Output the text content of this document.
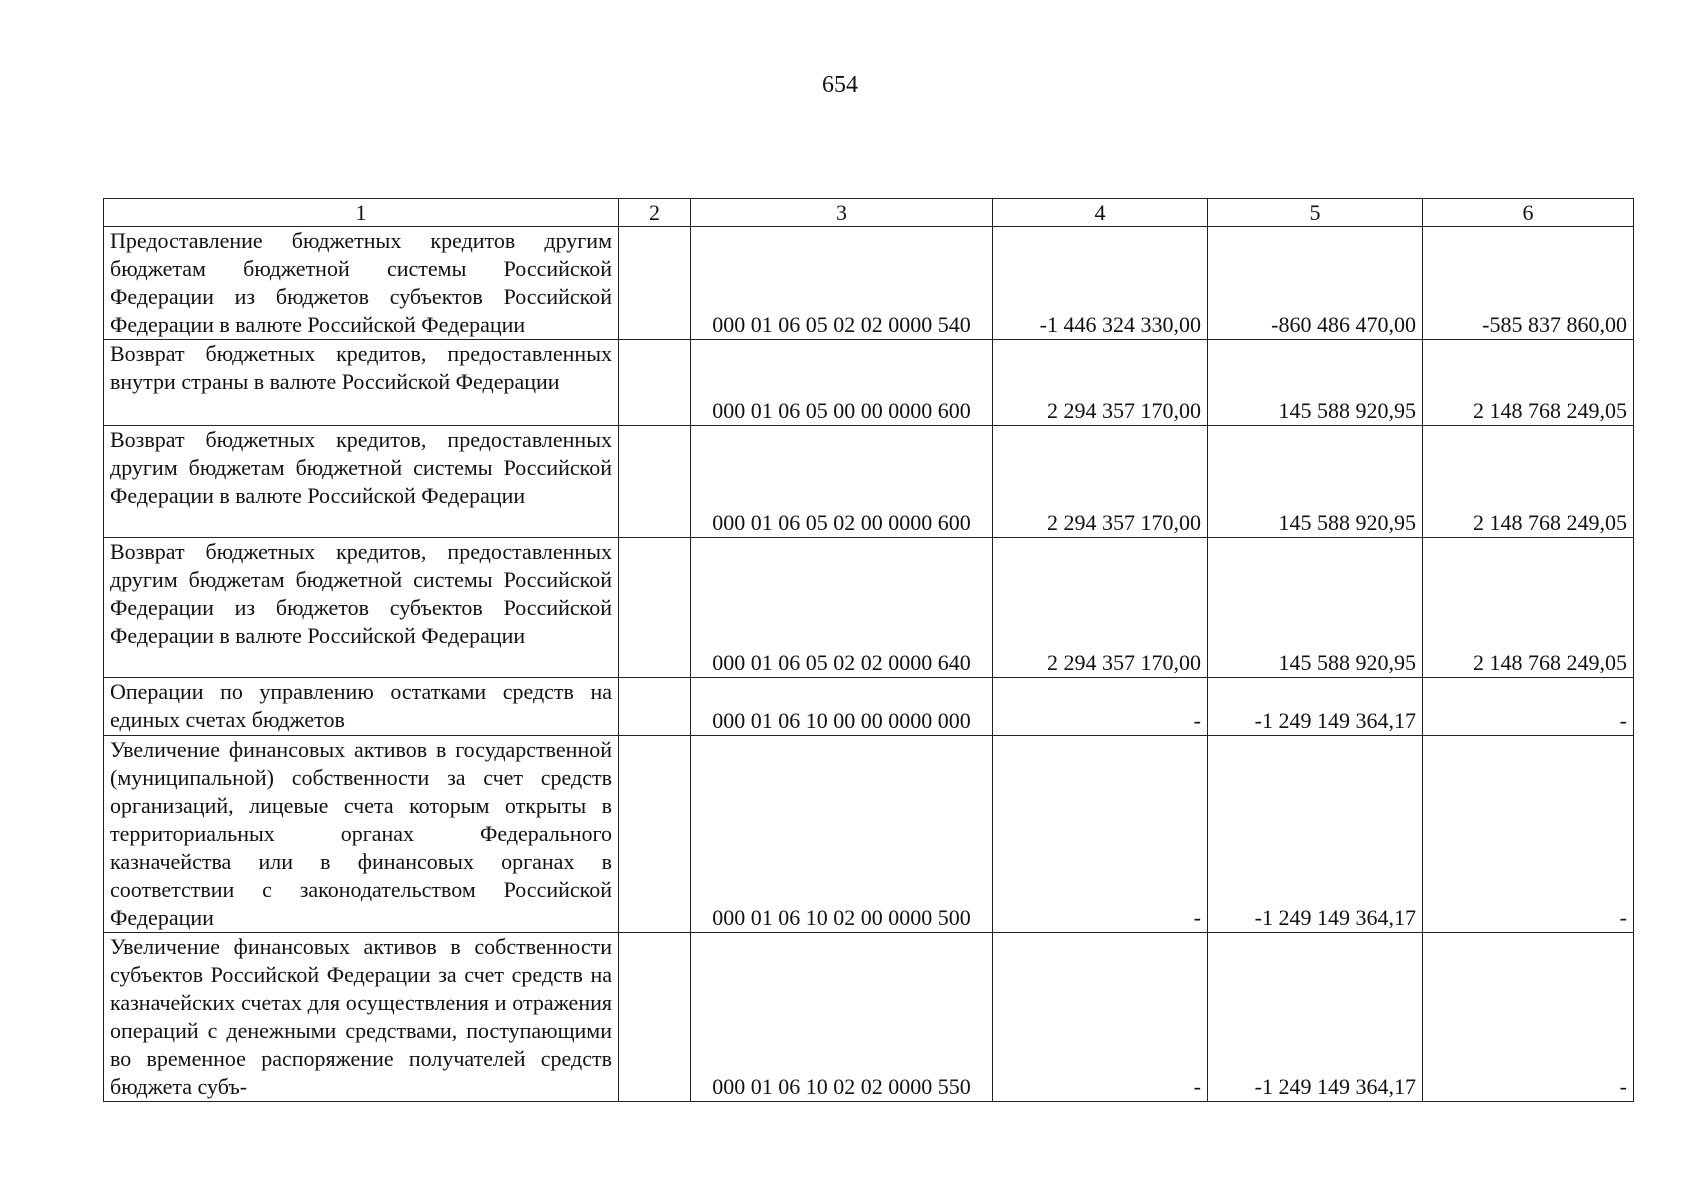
654
1	2	3	4	5	6
Предоставление бюджетных кредитов другим бюджетам бюджетной системы Российской Федерации из бюджетов субъектов Российской Федерации в валюте Российской Федерации		000 01 06 05 02 02 0000 540	-1 446 324 330,00	-860 486 470,00	-585 837 860,00
Возврат бюджетных кредитов, предоставленных внутри страны в валюте Российской Федерации		000 01 06 05 00 00 0000 600	2 294 357 170,00	145 588 920,95	2 148 768 249,05
Возврат бюджетных кредитов, предоставленных другим бюджетам бюджетной системы Российской Федерации в валюте Российской Федерации		000 01 06 05 02 00 0000 600	2 294 357 170,00	145 588 920,95	2 148 768 249,05
Возврат бюджетных кредитов, предоставленных другим бюджетам бюджетной системы Российской Федерации из бюджетов субъектов Российской Федерации в валюте Российской Федерации		000 01 06 05 02 02 0000 640	2 294 357 170,00	145 588 920,95	2 148 768 249,05
Операции по управлению остатками средств на единых счетах бюджетов		000 01 06 10 00 00 0000 000	-	-1 249 149 364,17	-
Увеличение финансовых активов в государственной (муниципальной) собственности за счет средств организаций, лицевые счета которым открыты в территориальных органах Федерального казначейства или в финансовых органах в соответствии с законодательством Российской Федерации		000 01 06 10 02 00 0000 500	-	-1 249 149 364,17	-
Увеличение финансовых активов в собственности субъектов Российской Федерации за счет средств на казначейских счетах для осуществления и отражения операций с денежными средствами, поступающими во временное распоряжение получателей средств бюджета субъ-		000 01 06 10 02 02 0000 550	-	-1 249 149 364,17	-
